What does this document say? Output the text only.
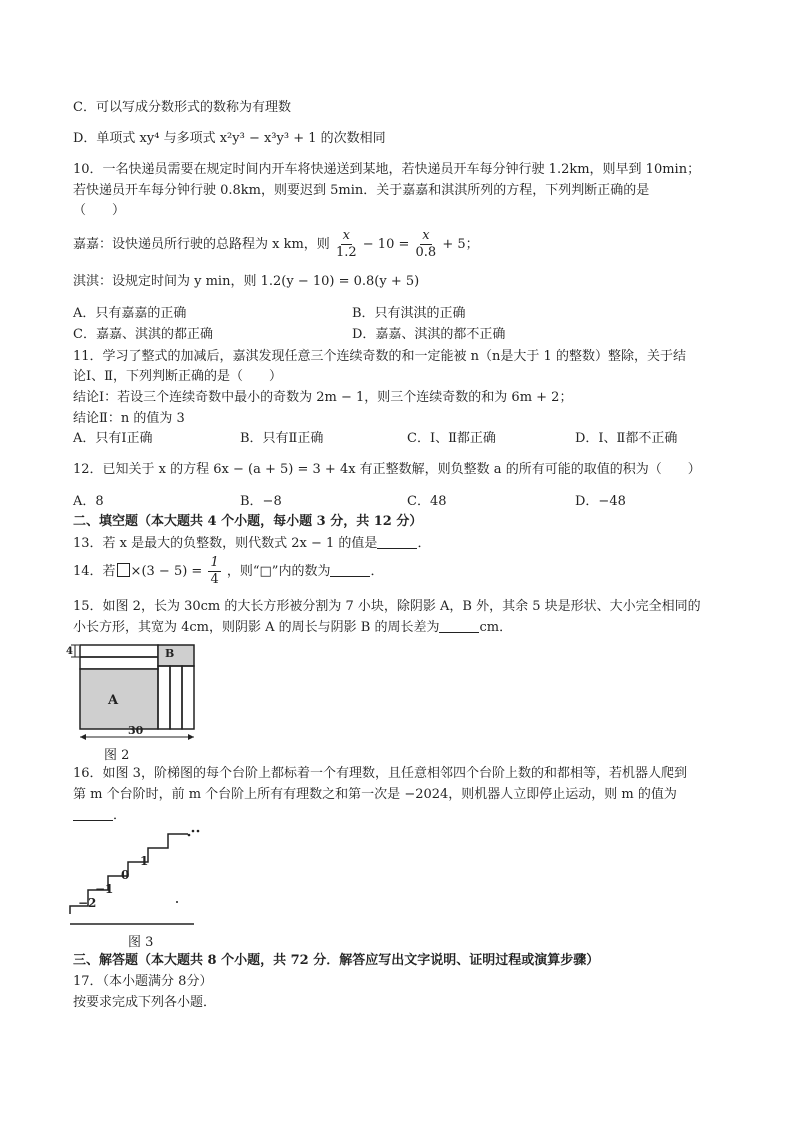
C．可以写成分数形式的数称为有理数
D．单项式 xy⁴ 与多项式 x²y³ − x³y³ + 1 的次数相同
10．一名快递员需要在规定时间内开车将快递送到某地，若快递员开车每分钟行驶 1.2km，则早到 10min；
若快递员开车每分钟行驶 0.8km，则要迟到 5min．关于嘉嘉和淇淇所列的方程，下列判断正确的是
（　　）
嘉嘉：设快递员所行驶的总路程为 x km，则 $\frac{x}{1.2} - 10 = \frac{x}{0.8} + 5$；
淇淇：设规定时间为 y min，则 1.2(y − 10) = 0.8(y + 5)
A．只有嘉嘉的正确	B．只有淇淇的正确
C．嘉嘉、淇淇的都正确	D．嘉嘉、淇淇的都不正确
11．学习了整式的加减后，嘉淇发现任意三个连续奇数的和一定能被 n（n是大于 1 的整数）整除，关于结
论Ⅰ、Ⅱ，下列判断正确的是（　　）
结论Ⅰ：若设三个连续奇数中最小的奇数为 2m − 1，则三个连续奇数的和为 6m + 2；
结论Ⅱ：n 的值为 3
A．只有Ⅰ正确	B．只有Ⅱ正确	C．Ⅰ、Ⅱ都正确	D．Ⅰ、Ⅱ都不正确
12．已知关于 x 的方程 6x − (a + 5) = 3 + 4x 有正整数解，则负整数 a 的所有可能的取值的积为（　　）
A．8	B．−8	C．48	D．−48
二、填空题（本大题共 4 个小题，每小题 3 分，共 12 分）
13．若 x 是最大的负整数，则代数式 2x − 1 的值是	．
14．若 $\times(3 - 5) = \frac{1}{4}$ ，则“□”内的数为	．
15．如图 2，长为 30cm 的大长方形被分割为 7 小块，除阴影 A，B 外，其余 5 块是形状、大小完全相同的
小长方形，其宽为 4cm，则阴影 A 的周长与阴影 B 的周长差为	cm．
4
A
B
30
图 2
16．如图 3，阶梯图的每个台阶上都标着一个有理数，且任意相邻四个台阶上数的和都相等，若机器人爬到
第 m 个台阶时，前 m 个台阶上所有有理数之和第一次是 −2024，则机器人立即停止运动，则 m 的值为
．
−2
−1
0
1
图 3
三、解答题（本大题共 8 个小题，共 72 分．解答应写出文字说明、证明过程或演算步骤）
17．（本小题满分 8分）
按要求完成下列各小题．
